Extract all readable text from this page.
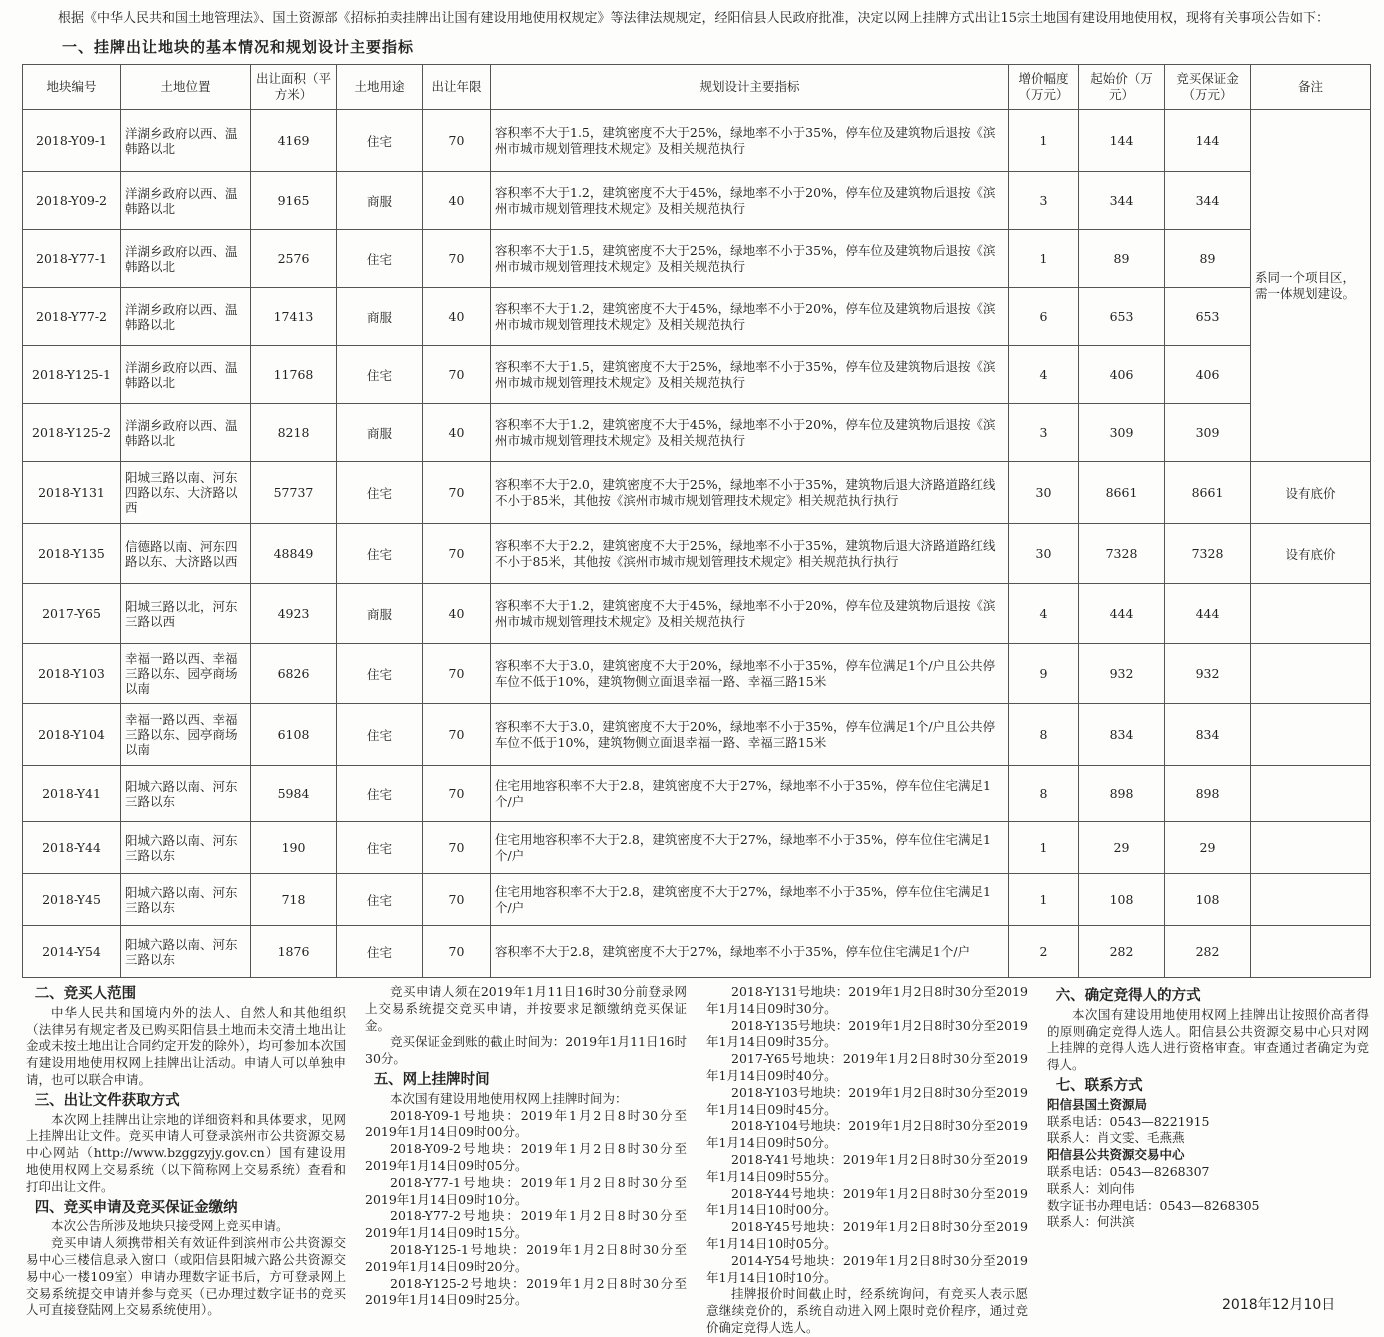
根据《中华人民共和国土地管理法》、国土资源部《招标拍卖挂牌出让国有建设用地使用权规定》等法律法规规定，经阳信县人民政府批准，决定以网上挂牌方式出让15宗土地国有建设用地使用权，现将有关事项公告如下：
一、挂牌出让地块的基本情况和规划设计主要指标
地块编号	土地位置	出让面积（平方米）	土地用途	出让年限	规划设计主要指标	增价幅度（万元）	起始价（万元）	竞买保证金（万元）	备注
2018-Y09-1	洋湖乡政府以西、温韩路以北	4169	住宅	70	容积率不大于1.5，建筑密度不大于25%，绿地率不小于35%，停车位及建筑物后退按《滨州市城市规划管理技术规定》及相关规范执行	1	144	144	系同一个项目区，需一体规划建设。
2018-Y09-2	洋湖乡政府以西、温韩路以北	9165	商服	40	容积率不大于1.2，建筑密度不大于45%，绿地率不小于20%，停车位及建筑物后退按《滨州市城市规划管理技术规定》及相关规范执行	3	344	344	
2018-Y77-1	洋湖乡政府以西、温韩路以北	2576	住宅	70	容积率不大于1.5，建筑密度不大于25%，绿地率不小于35%，停车位及建筑物后退按《滨州市城市规划管理技术规定》及相关规范执行	1	89	89	
2018-Y77-2	洋湖乡政府以西、温韩路以北	17413	商服	40	容积率不大于1.2，建筑密度不大于45%，绿地率不小于20%，停车位及建筑物后退按《滨州市城市规划管理技术规定》及相关规范执行	6	653	653	
2018-Y125-1	洋湖乡政府以西、温韩路以北	11768	住宅	70	容积率不大于1.5，建筑密度不大于25%，绿地率不小于35%，停车位及建筑物后退按《滨州市城市规划管理技术规定》及相关规范执行	4	406	406	
2018-Y125-2	洋湖乡政府以西、温韩路以北	8218	商服	40	容积率不大于1.2，建筑密度不大于45%，绿地率不小于20%，停车位及建筑物后退按《滨州市城市规划管理技术规定》及相关规范执行	3	309	309	
2018-Y131	阳城三路以南、河东四路以东、大济路以西	57737	住宅	70	容积率不大于2.0，建筑密度不大于25%，绿地率不小于35%，建筑物后退大济路道路红线不小于85米，其他按《滨州市城市规划管理技术规定》相关规范执行执行	30	8661	8661	设有底价
2018-Y135	信德路以南、河东四路以东、大济路以西	48849	住宅	70	容积率不大于2.2，建筑密度不大于25%，绿地率不小于35%，建筑物后退大济路道路红线不小于85米，其他按《滨州市城市规划管理技术规定》相关规范执行执行	30	7328	7328	设有底价
2017-Y65	阳城三路以北，河东三路以西	4923	商服	40	容积率不大于1.2，建筑密度不大于45%，绿地率不小于20%，停车位及建筑物后退按《滨州市城市规划管理技术规定》及相关规范执行	4	444	444	
2018-Y103	幸福一路以西、幸福三路以东、园亭商场以南	6826	住宅	70	容积率不大于3.0，建筑密度不大于20%，绿地率不小于35%，停车位满足1个/户且公共停车位不低于10%，建筑物侧立面退幸福一路、幸福三路15米	9	932	932	
2018-Y104	幸福一路以西、幸福三路以东、园亭商场以南	6108	住宅	70	容积率不大于3.0，建筑密度不大于20%，绿地率不小于35%，停车位满足1个/户且公共停车位不低于10%，建筑物侧立面退幸福一路、幸福三路15米	8	834	834	
2018-Y41	阳城六路以南、河东三路以东	5984	住宅	70	住宅用地容积率不大于2.8，建筑密度不大于27%，绿地率不小于35%，停车位住宅满足1个/户	8	898	898	
2018-Y44	阳城六路以南、河东三路以东	190	住宅	70	住宅用地容积率不大于2.8，建筑密度不大于27%，绿地率不小于35%，停车位住宅满足1个/户	1	29	29	
2018-Y45	阳城六路以南、河东三路以东	718	住宅	70	住宅用地容积率不大于2.8，建筑密度不大于27%，绿地率不小于35%，停车位住宅满足1个/户	1	108	108	
2014-Y54	阳城六路以南、河东三路以东	1876	住宅	70	容积率不大于2.8，建筑密度不大于27%，绿地率不小于35%，停车位住宅满足1个/户	2	282	282	
二、竞买人范围

中华人民共和国境内外的法人、自然人和其他组织（法律另有规定者及已购买阳信县土地而未交清土地出让金或未按土地出让合同约定开发的除外），均可参加本次国有建设用地使用权网上挂牌出让活动。申请人可以单独申请，也可以联合申请。

三、出让文件获取方式

本次网上挂牌出让宗地的详细资料和具体要求，见网上挂牌出让文件。竞买申请人可登录滨州市公共资源交易中心网站（http://www.bzggzyjy.gov.cn）国有建设用地使用权网上交易系统（以下简称网上交易系统）查看和打印出让文件。

四、竞买申请及竞买保证金缴纳

本次公告所涉及地块只接受网上竞买申请。

竞买申请人须携带相关有效证件到滨州市公共资源交易中心三楼信息录入窗口（或阳信县阳城六路公共资源交易中心一楼109室）申请办理数字证书后，方可登录网上交易系统提交申请并参与竞买（已办理过数字证书的竞买人可直接登陆网上交易系统使用）。

竞买申请人须在2019年1月11日16时30分前登录网上交易系统提交竞买申请，并按要求足额缴纳竞买保证金。

竞买保证金到账的截止时间为：2019年1月11日16时30分。

五、网上挂牌时间

本次国有建设用地使用权网上挂牌时间为：

2018-Y09-1号地块：2019年1月2日8时30分至2019年1月14日09时00分。

2018-Y09-2号地块：2019年1月2日8时30分至2019年1月14日09时05分。

2018-Y77-1号地块：2019年1月2日8时30分至2019年1月14日09时10分。

2018-Y77-2号地块：2019年1月2日8时30分至2019年1月14日09时15分。

2018-Y125-1号地块：2019年1月2日8时30分至2019年1月14日09时20分。

2018-Y125-2号地块：2019年1月2日8时30分至2019年1月14日09时25分。

2018-Y131号地块：2019年1月2日8时30分至2019年1月14日09时30分。

2018-Y135号地块：2019年1月2日8时30分至2019年1月14日09时35分。

2017-Y65号地块：2019年1月2日8时30分至2019年1月14日09时40分。

2018-Y103号地块：2019年1月2日8时30分至2019年1月14日09时45分。

2018-Y104号地块：2019年1月2日8时30分至2019年1月14日09时50分。

2018-Y41号地块：2019年1月2日8时30分至2019年1月14日09时55分。

2018-Y44号地块：2019年1月2日8时30分至2019年1月14日10时00分。

2018-Y45号地块：2019年1月2日8时30分至2019年1月14日10时05分。

2014-Y54号地块：2019年1月2日8时30分至2019年1月14日10时10分。

挂牌报价时间截止时，经系统询问，有竞买人表示愿意继续竞价的，系统自动进入网上限时竞价程序，通过竞价确定竞得人选人。

六、确定竞得人的方式

本次国有建设用地使用权网上挂牌出让按照价高者得的原则确定竞得人选人。阳信县公共资源交易中心只对网上挂牌的竞得人选人进行资格审查。审查通过者确定为竞得人。

七、联系方式

阳信县国土资源局

联系电话：0543—8221915

联系人：肖文雯、毛燕燕

阳信县公共资源交易中心

联系电话：0543—8268307

联系人：刘向伟

数字证书办理电话：0543—8268305

联系人：何洪滨

2018年12月10日
